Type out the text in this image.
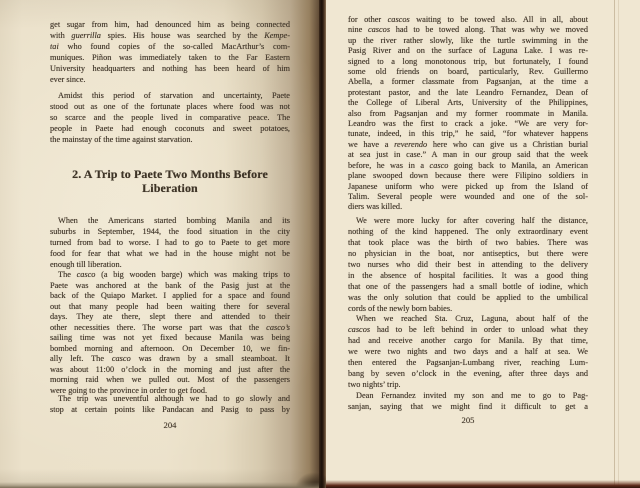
get sugar from him, had denounced him as being connected
with guerrilla spies. His house was searched by the Kempe-
tai who found copies of the so-called MacArthur’s com-
muniques. Piñon was immediately taken to the Far Eastern
University headquarters and nothing has been heard of him
ever since.
Amidst this period of starvation and uncertainty, Paete
stood out as one of the fortunate places where food was not
so scarce and the people lived in comparative peace. The
people in Paete had enough coconuts and sweet potatoes,
the mainstay of the time against starvation.
2. A Trip to Paete Two Months Before
Liberation
When the Americans started bombing Manila and its
suburbs in September, 1944, the food situation in the city
turned from bad to worse. I had to go to Paete to get more
food for fear that what we had in the house might not be
enough till liberation.
The casco (a big wooden barge) which was making trips to
Paete was anchored at the bank of the Pasig just at the
back of the Quiapo Market. I applied for a space and found
out that many people had been waiting there for several
days. They ate there, slept there and attended to their
other necessities there. The worse part was that the casco’s
sailing time was not yet fixed because Manila was being
bombed morning and afternoon. On December 10, we fin-
ally left. The casco was drawn by a small steamboat. It
was about 11:00 o’clock in the morning and just after the
morning raid when we pulled out. Most of the passengers
were going to the province in order to get food.
The trip was uneventful although we had to go slowly and
stop at certain points like Pandacan and Pasig to pass by
204
for other cascos waiting to be towed also. All in all, about
nine cascos had to be towed along. That was why we moved
up the river rather slowly, like the turtle swimming in the
Pasig River and on the surface of Laguna Lake. I was re-
signed to a long monotonous trip, but fortunately, I found
some old friends on board, particularly, Rev. Guillermo
Abella, a former classmate from Pagsanjan, at the time a
protestant pastor, and the late Leandro Fernandez, Dean of
the College of Liberal Arts, University of the Philippines,
also from Pagsanjan and my former roommate in Manila.
Leandro was the first to crack a joke. “We are very for-
tunate, indeed, in this trip,” he said, “for whatever happens
we have a reverendo here who can give us a Christian burial
at sea just in case.” A man in our group said that the week
before, he was in a casco going back to Manila, an American
plane swooped down because there were Filipino soldiers in
Japanese uniform who were picked up from the Island of
Talim. Several people were wounded and one of the sol-
diers was killed.
We were more lucky for after covering half the distance,
nothing of the kind happened. The only extraordinary event
that took place was the birth of two babies. There was
no physician in the boat, nor antiseptics, but there were
two nurses who did their best in attending to the delivery
in the absence of hospital facilities. It was a good thing
that one of the passengers had a small bottle of iodine, which
was the only solution that could be applied to the umbilical
cords of the newly born babies.
When we reached Sta. Cruz, Laguna, about half of the
cascos had to be left behind in order to unload what they
had and receive another cargo for Manila. By that time,
we were two nights and two days and a half at sea. We
then entered the Pagsanjan-Lumbang river, reaching Lum-
bang by seven o’clock in the evening, after three days and
two nights’ trip.
Dean Fernandez invited my son and me to go to Pag-
sanjan, saying that we might find it difficult to get a
205
